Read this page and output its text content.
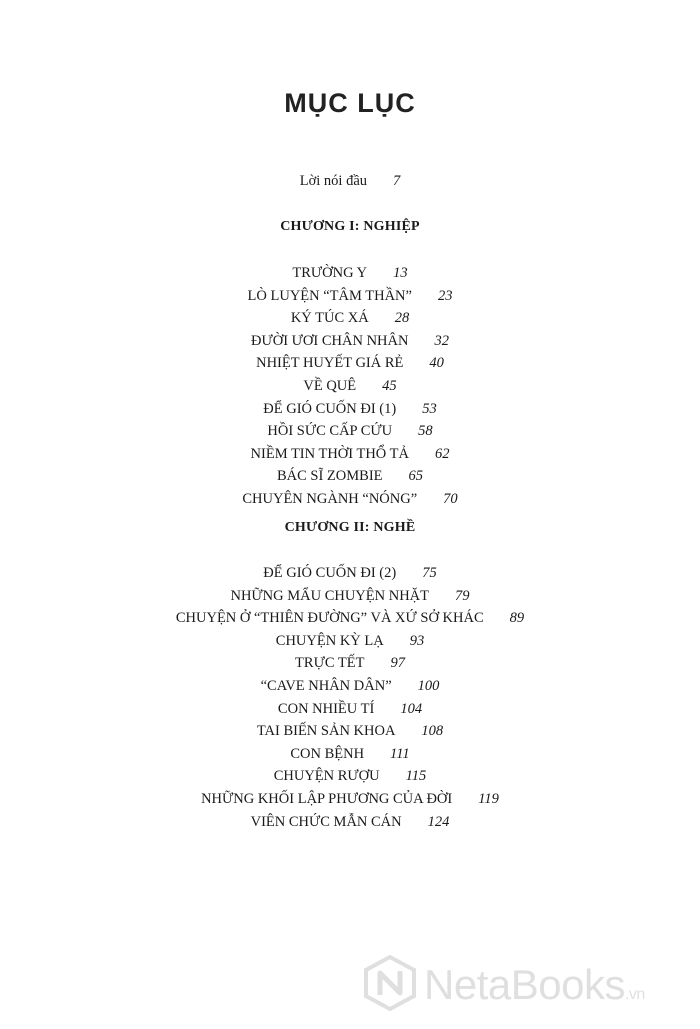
MỤC LỤC
Lời nói đầu 7
CHƯƠNG I: NGHIỆP
TRƯỜNG Y 13
LÒ LUYỆN “TÂM THẦN” 23
KÝ TÚC XÁ 28
ĐƯỜI ƯƠI CHÂN NHÂN 32
NHIỆT HUYẾT GIÁ RẺ 40
VỀ QUÊ 45
ĐỂ GIÓ CUỐN ĐI (1) 53
HỒI SỨC CẤP CỨU 58
NIỀM TIN THỜI THỔ TẢ 62
BÁC SĨ ZOMBIE 65
CHUYÊN NGÀNH “NÓNG” 70
CHƯƠNG II: NGHỀ
ĐỂ GIÓ CUỐN ĐI (2) 75
NHỮNG MẨU CHUYỆN NHẶT 79
CHUYỆN Ở “THIÊN ĐƯỜNG” VÀ XỨ SỞ KHÁC 89
CHUYỆN KỲ LẠ 93
TRỰC TẾT 97
“CAVE NHÂN DÂN” 100
CON NHIỀU TÍ 104
TAI BIẾN SẢN KHOA 108
CON BỆNH 111
CHUYỆN RƯỢU 115
NHỮNG KHỐI LẬP PHƯƠNG CỦA ĐỜI 119
VIÊN CHỨC MẪN CÁN 124
NetaBooks.vn
